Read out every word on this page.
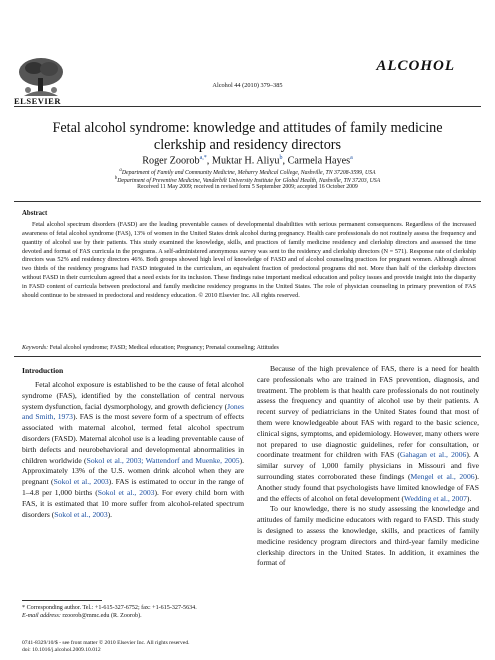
ELSEVIER
Alcohol 44 (2010) 379–385
ALCOHOL
Fetal alcohol syndrome: knowledge and attitudes of family medicine
clerkship and residency directors
Roger Zoorob$^{a,*}$, Muktar H. Aliyu$^b$, Carmela Hayes$^a$
$^a$Department of Family and Community Medicine, Meharry Medical College, Nashville, TN 37208-3599, USA
$^b$Department of Preventive Medicine, Vanderbilt University Institute for Global Health, Nashville, TN 37203, USA
Received 11 May 2009; received in revised form 5 September 2009; accepted 16 October 2009
Abstract

Fetal alcohol spectrum disorders (FASD) are the leading preventable causes of developmental disabilities with serious permanent consequences. Regardless of the increased awareness of fetal alcohol syndrome (FAS), 13% of women in the United States drink alcohol during pregnancy. Health care professionals do not routinely assess the frequency and quantity of alcohol use by their patients. This study examined the knowledge, skills, and practices of family medicine residency and clerkship directors and assessed the time devoted and format of FAS curricula in the programs. A self-administered anonymous survey was sent to the residency and clerkship directors (N = 571). Response rate of clerkship directors was 52% and residency directors 46%. Both groups showed high level of knowledge of FASD and of alcohol counseling practices for pregnant women. Although almost two thirds of the residency programs had FASD integrated in the curriculum, an equivalent fraction of predoctoral programs did not. More than half of the clerkship directors without FASD in their curriculum agreed that a need exists for its inclusion. These findings raise important medical education and policy issues and provide insight into the disparity in FASD content of curricula between predoctoral and family medicine residency programs in the United States. The role of physician counseling in primary prevention of FAS should continue to be stressed in predoctoral and residency education. © 2010 Elsevier Inc. All rights reserved.

Keywords: Fetal alcohol syndrome; FASD; Medical education; Pregnancy; Prenatal counseling; Attitudes
Introduction

Fetal alcohol exposure is established to be the cause of fetal alcohol syndrome (FAS), identified by the constellation of central nervous system dysfunction, facial dysmorphology, and growth deficiency (Jones and Smith, 1973). FAS is the most severe form of a spectrum of effects associated with maternal alcohol, termed fetal alcohol spectrum disorders (FASD). Maternal alcohol use is a leading preventable cause of birth defects and neurobehavioral and developmental abnormalities in children worldwide (Sokol et al., 2003; Wattendorf and Muenke, 2005). Approximately 13% of the U.S. women drink alcohol when they are pregnant (Sokol et al., 2003). FAS is estimated to occur in the range of 1–4.8 per 1,000 births (Sokol et al., 2003). For every child born with FAS, it is estimated that 10 more suffer from alcohol-related spectrum disorders (Sokol et al., 2003).

Because of the high prevalence of FAS, there is a need for health care professionals who are trained in FAS prevention, diagnosis, and treatment. The problem is that health care professionals do not routinely assess the frequency and quantity of alcohol use by their patients. A recent survey of pediatricians in the United States found that most of them were knowledgeable about FAS with regard to the basic science, clinical signs, symptoms, and epidemiology. However, many others were not prepared to use diagnostic guidelines, refer for consultation, or coordinate treatment for children with FAS (Gahagan et al., 2006). A similar survey of 1,000 family physicians in Missouri and five surrounding states corroborated these findings (Mengel et al., 2006). Another study found that psychologists have limited knowledge of FAS and the effects of alcohol on fetal development (Wedding et al., 2007).

To our knowledge, there is no study assessing the knowledge and attitudes of family medicine educators with regard to FASD. This study is designed to assess the knowledge, skills, and practices of family medicine residency program directors and third-year family medicine clerkship directors in the United States. In addition, it examines the format of

* Corresponding author. Tel.: +1-615-327-6752; fax: +1-615-327-5634.
E-mail address: rzoorob@mmc.edu (R. Zoorob).

0741-8329/10/$ - see front matter © 2010 Elsevier Inc. All rights reserved.
doi: 10.1016/j.alcohol.2009.10.012
